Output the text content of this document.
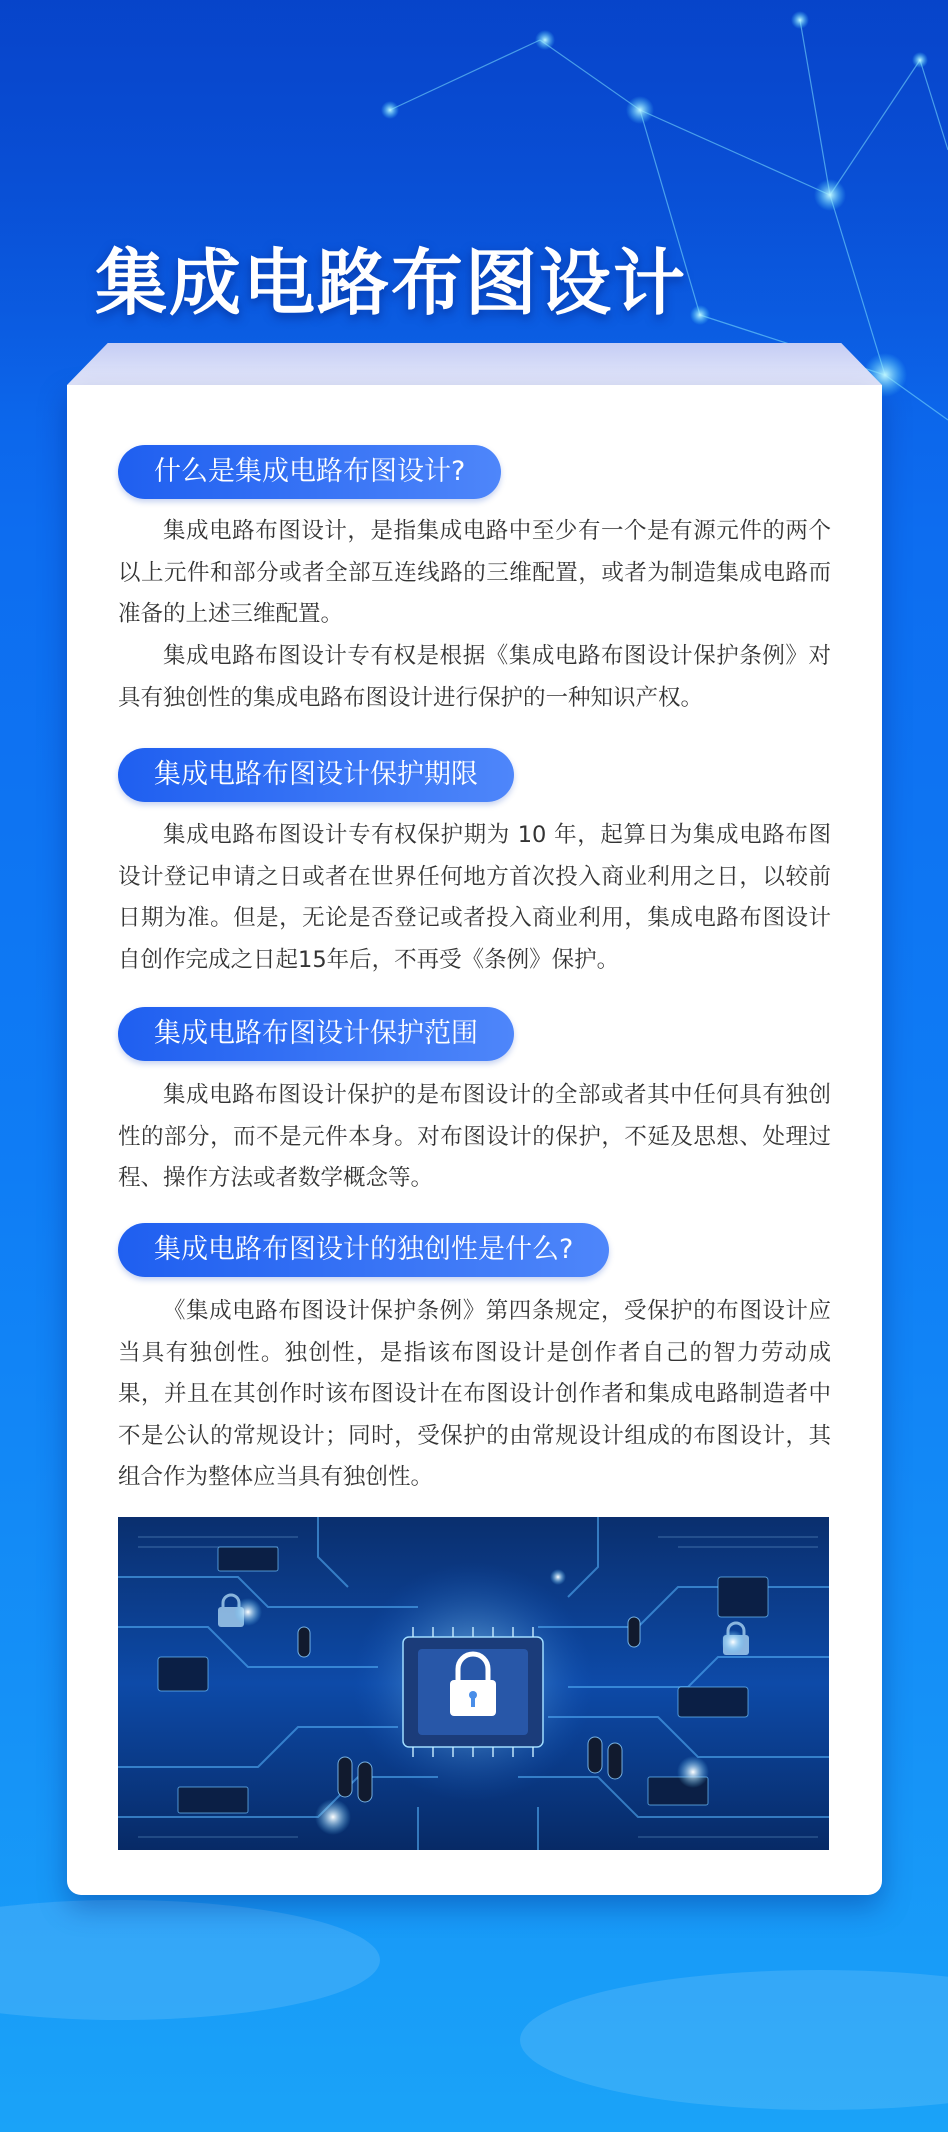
集成电路布图设计
什么是集成电路布图设计?

集成电路布图设计，是指集成电路中至少有一个是有源元件的两个以上元件和部分或者全部互连线路的三维配置，或者为制造集成电路而准备的上述三维配置。

集成电路布图设计专有权是根据《集成电路布图设计保护条例》对具有独创性的集成电路布图设计进行保护的一种知识产权。

集成电路布图设计保护期限

集成电路布图设计专有权保护期为 10 年，起算日为集成电路布图设计登记申请之日或者在世界任何地方首次投入商业利用之日，以较前日期为准。但是，无论是否登记或者投入商业利用，集成电路布图设计自创作完成之日起15年后，不再受《条例》保护。

集成电路布图设计保护范围

集成电路布图设计保护的是布图设计的全部或者其中任何具有独创性的部分，而不是元件本身。对布图设计的保护，不延及思想、处理过程、操作方法或者数学概念等。

集成电路布图设计的独创性是什么?

《集成电路布图设计保护条例》第四条规定，受保护的布图设计应当具有独创性。独创性，是指该布图设计是创作者自己的智力劳动成果，并且在其创作时该布图设计在布图设计创作者和集成电路制造者中不是公认的常规设计；同时，受保护的由常规设计组成的布图设计，其组合作为整体应当具有独创性。
